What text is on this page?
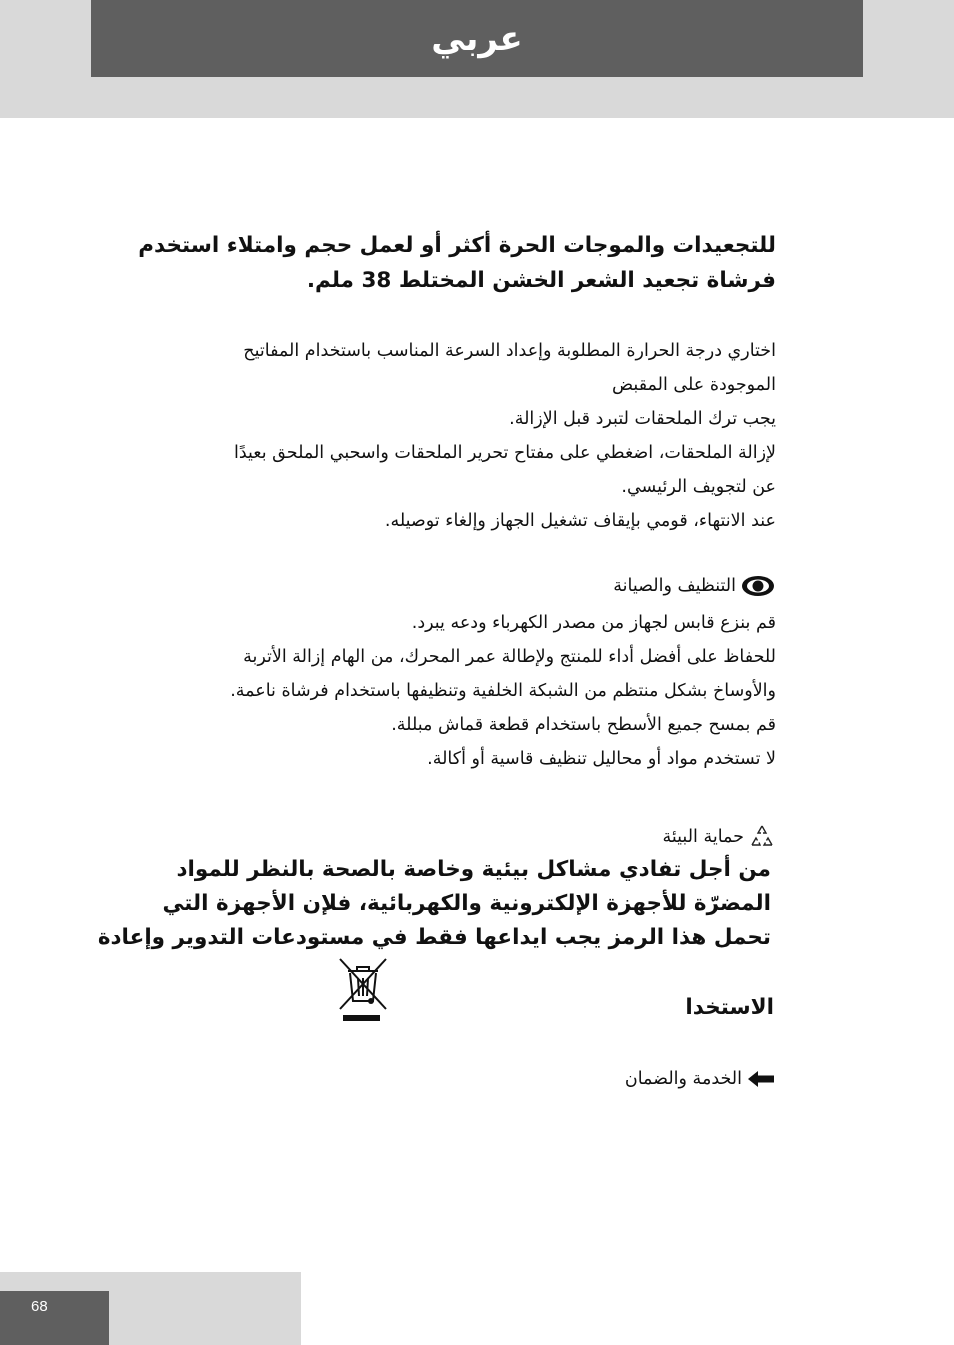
عربي
للتجعيدات والموجات الحرة أكثر أو لعمل حجم وامتلاء استخدم
فرشاة تجعيد الشعر الخشن المختلط 38 ملم.
اختاري درجة الحرارة المطلوبة وإعداد السرعة المناسب باستخدام المفاتيح
الموجودة على المقبض
يجب ترك الملحقات لتبرد قبل الإزالة.
لإزالة الملحقات، اضغطي على مفتاح تحرير الملحقات واسحبي الملحق بعيدًا
عن لتجويف الرئيسي.
عند الانتهاء، قومي بإيقاف تشغيل الجهاز وإلغاء توصيله.
التنظيف والصيانة
قم بنزع قابس لجهاز من مصدر الكهرباء ودعه يبرد.
للحفاظ على أفضل أداء للمنتج ولإطالة عمر المحرك، من الهام إزالة الأتربة
والأوساخ بشكل منتظم من الشبكة الخلفية وتنظيفها باستخدام فرشاة ناعمة.
قم بمسح جميع الأسطح باستخدام قطعة قماش مبللة.
لا تستخدم مواد أو محاليل تنظيف قاسية أو أكالة.
حماية البيئة
من أجل تفادي مشاكل بيئية وخاصة بالصحة بالنظر للمواد
المضرّة للأجهزة الإلكترونية والكهربائية، فلإن الأجهزة التي
تحمل هذا الرمز يجب ايداعها فقط في مستودعات التدوير وإعادة
الاستخدا
الخدمة والضمان
68
